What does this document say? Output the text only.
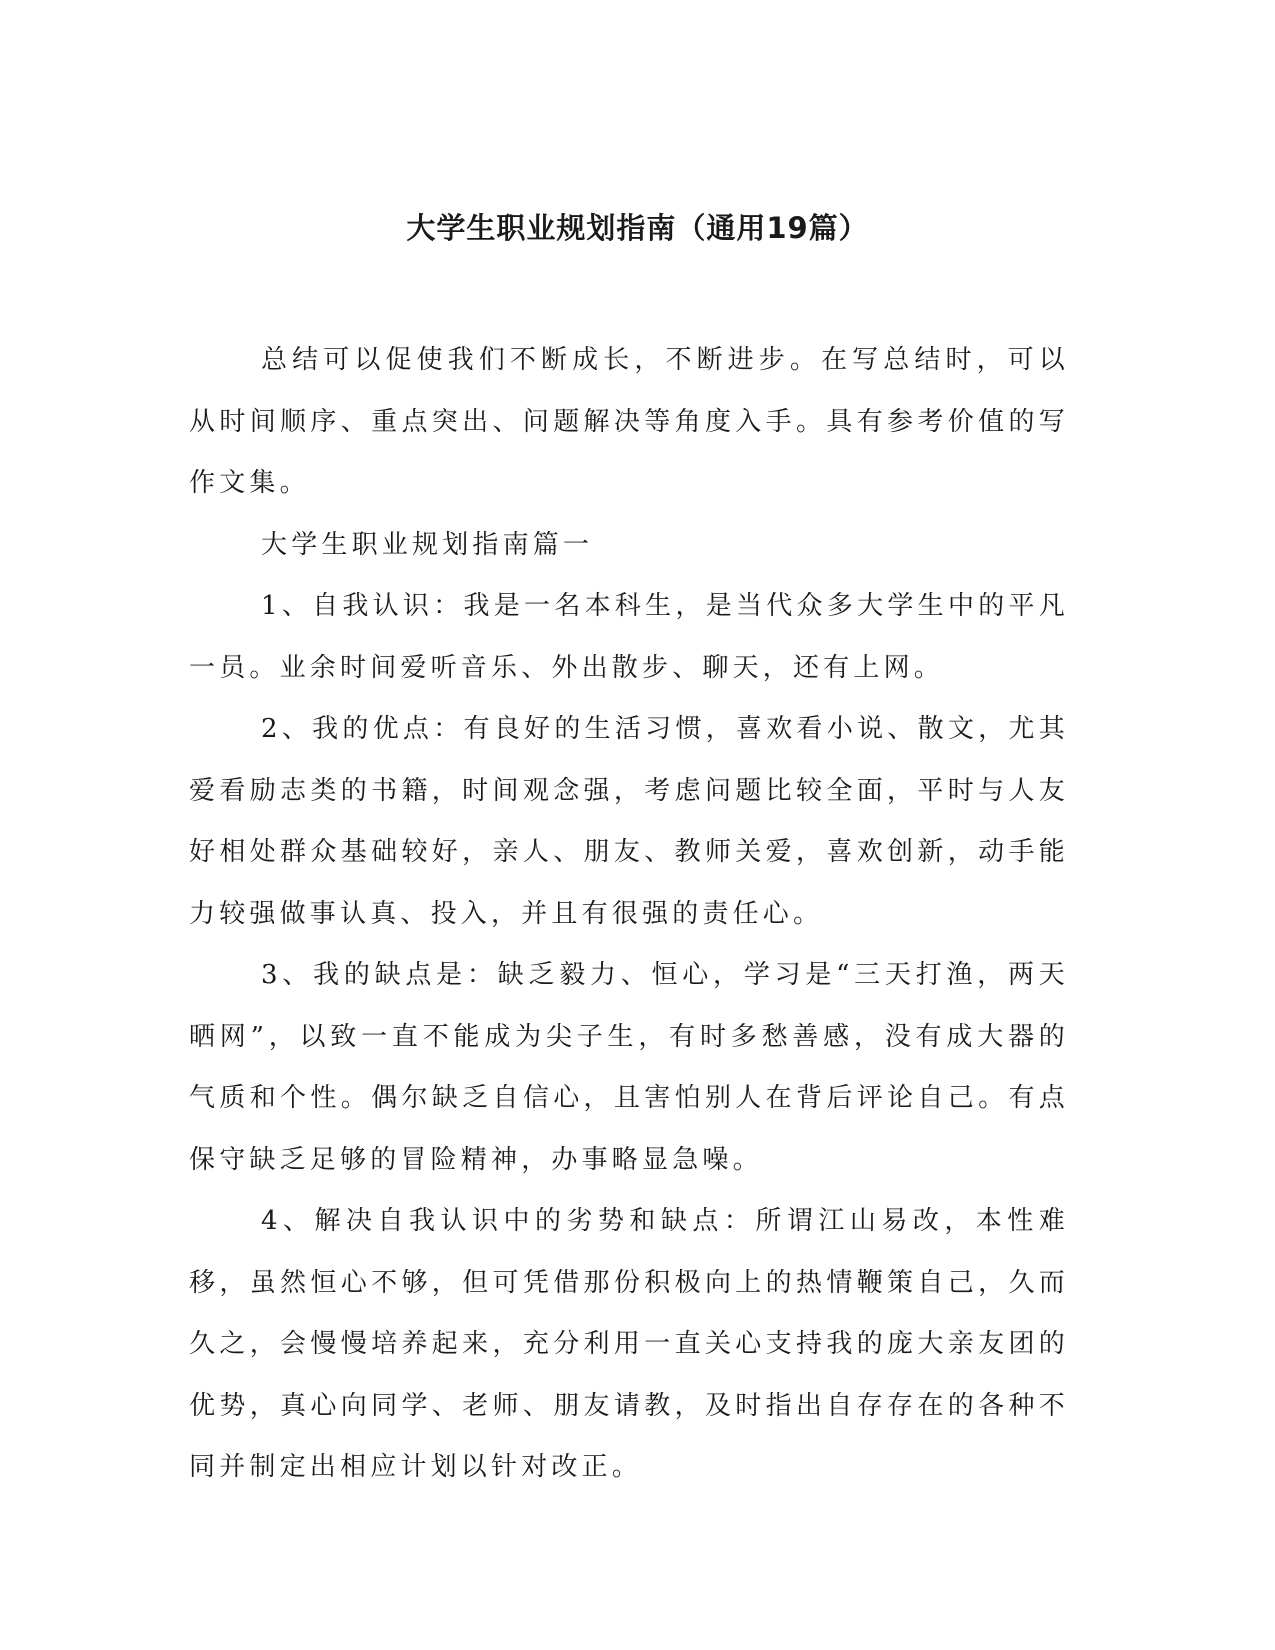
大学生职业规划指南（通用19篇）

总结可以促使我们不断成长，不断进步。在写总结时，可以从时间顺序、重点突出、问题解决等角度入手。具有参考价值的写作文集。

大学生职业规划指南篇一

1、自我认识：我是一名本科生，是当代众多大学生中的平凡一员。业余时间爱听音乐、外出散步、聊天，还有上网。

2、我的优点：有良好的生活习惯，喜欢看小说、散文，尤其爱看励志类的书籍，时间观念强，考虑问题比较全面，平时与人友好相处群众基础较好，亲人、朋友、教师关爱，喜欢创新，动手能力较强做事认真、投入，并且有很强的责任心。

3、我的缺点是：缺乏毅力、恒心，学习是“三天打渔，两天晒网”，以致一直不能成为尖子生，有时多愁善感，没有成大器的气质和个性。偶尔缺乏自信心，且害怕别人在背后评论自己。有点保守缺乏足够的冒险精神，办事略显急噪。

4、解决自我认识中的劣势和缺点：所谓江山易改，本性难移，虽然恒心不够，但可凭借那份积极向上的热情鞭策自己，久而久之，会慢慢培养起来，充分利用一直关心支持我的庞大亲友团的优势，真心向同学、老师、朋友请教，及时指出自存存在的各种不同并制定出相应计划以针对改正。
